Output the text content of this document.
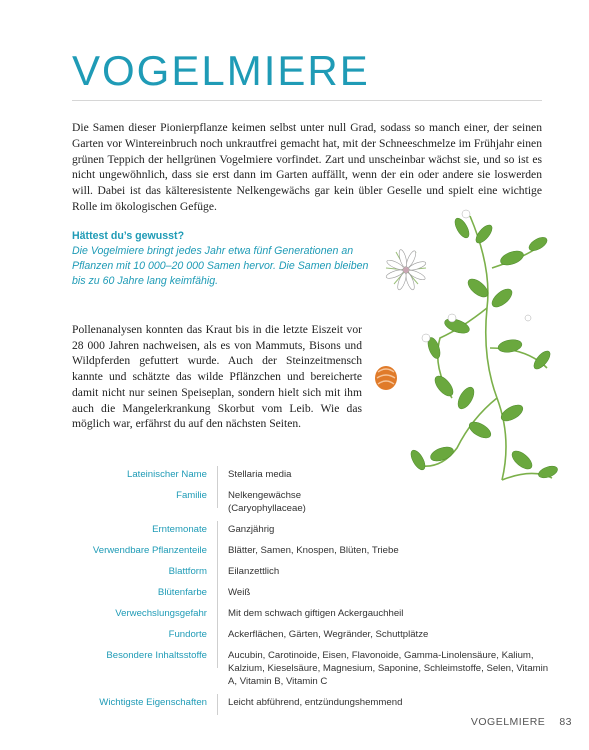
VOGELMIERE

Die Samen dieser Pionierpflanze keimen selbst unter null Grad, sodass so manch einer, der seinen Garten vor Wintereinbruch noch unkrautfrei gemacht hat, mit der Schneeschmelze im Frühjahr einen grünen Teppich der hellgrünen Vogelmiere vorfindet. Zart und unscheinbar wächst sie, und so ist es nicht ungewöhnlich, dass sie erst dann im Garten auffällt, wenn der ein oder andere sie loswerden will. Dabei ist das kälteresistente Nelkengewächs gar kein übler Geselle und spielt eine wichtige Rolle im ökologischen Gefüge.

Hättest du’s gewusst?

Die Vogelmiere bringt jedes Jahr etwa fünf Generationen an Pflanzen mit 10 000–20 000 Samen hervor. Die Samen bleiben bis zu 60 Jahre lang keimfähig.

Pollenanalysen konnten das Kraut bis in die letzte Eiszeit vor 28 000 Jahren nachweisen, als es von Mammuts, Bisons und Wildpferden gefuttert wurde. Auch der Steinzeitmensch kannte und schätzte das wilde Pflänzchen und bereicherte damit nicht nur seinen Speiseplan, sondern hielt sich mit ihm auch die Mangelerkrankung Skorbut vom Leib. Wie das möglich war, erfährst du auf den nächsten Seiten.

Lateinischer Name	Stellaria media
Familie	Nelkengewächse (Caryophyllaceae)
Erntemonate	Ganzjährig
Verwendbare Pflanzenteile	Blätter, Samen, Knospen, Blüten, Triebe
Blattform	Eilanzettlich
Blütenfarbe	Weiß
Verwechslungsgefahr	Mit dem schwach giftigen Ackergauchheil
Fundorte	Ackerflächen, Gärten, Wegränder, Schuttplätze
Besondere Inhaltsstoffe	Aucubin, Carotinoide, Eisen, Flavonoide, Gamma-Linolensäure, Kalium, Kalzium, Kieselsäure, Magnesium, Saponine, Schleimstoffe, Selen, Vitamin A, Vitamin B, Vitamin C
Wichtigste Eigenschaften	Leicht abführend, entzündungshemmend
VOGELMIERE 83
